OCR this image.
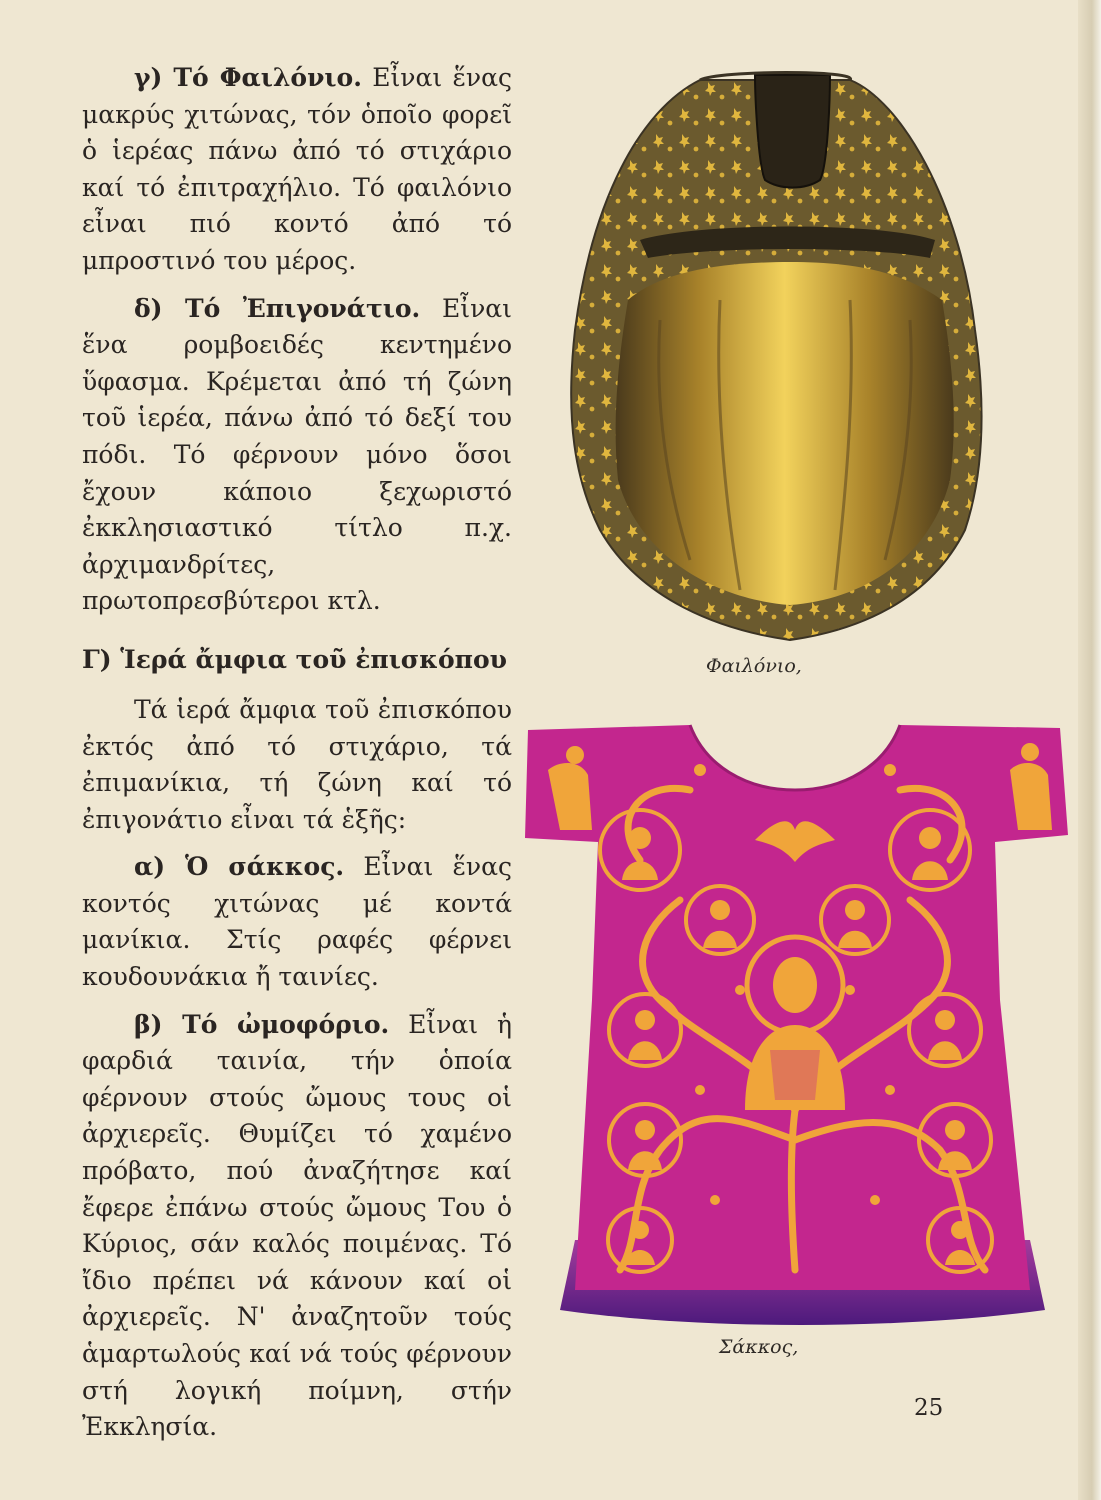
γ) Τό Φαιλόνιο. Εἶναι ἕνας μακρύς χιτώνας, τόν ὁποῖο φορεῖ ὁ ἱερέας πάνω ἀπό τό στιχάριο καί τό ἐπιτραχήλιο. Τό φαιλόνιο εἶναι πιό κοντό ἀπό τό μπροστινό του μέρος.

δ) Τό Ἐπιγονάτιο. Εἶναι ἕνα ρομβοειδές κεντημένο ὕφασμα. Κρέμεται ἀπό τή ζώνη τοῦ ἱερέα, πάνω ἀπό τό δεξί του πόδι. Τό φέρνουν μόνο ὅσοι ἔχουν κάποιο ξεχωριστό ἐκκλησιαστικό τίτλο π.χ. ἀρχιμανδρίτες, πρωτοπρεσβύτεροι κτλ.

Γ) Ἱερά ἄμφια τοῦ ἐπισκόπου

Τά ἱερά ἄμφια τοῦ ἐπισκόπου ἐκτός ἀπό τό στιχάριο, τά ἐπιμανίκια, τή ζώνη καί τό ἐπιγονάτιο εἶναι τά ἑξῆς:

α) Ὁ σάκκος. Εἶναι ἕνας κοντός χιτώνας μέ κοντά μανίκια. Στίς ραφές φέρνει κουδουνάκια ἤ ταινίες.

β) Τό ὠμοφόριο. Εἶναι ἡ φαρδιά ταινία, τήν ὁποία φέρνουν στούς ὤμους τους οἱ ἀρχιερεῖς. Θυμίζει τό χαμένο πρόβατο, πού ἀναζήτησε καί ἔφερε ἐπάνω στούς ὤμους Του ὁ Κύριος, σάν καλός ποιμένας. Τό ἴδιο πρέπει νά κάνουν καί οἱ ἀρχιερεῖς. Ν' ἀναζητοῦν τούς ἁμαρτωλούς καί νά τούς φέρνουν στή λογική ποίμνη, στήν Ἐκκλησία.

Φαιλόνιο,
Σάκκος,
25
